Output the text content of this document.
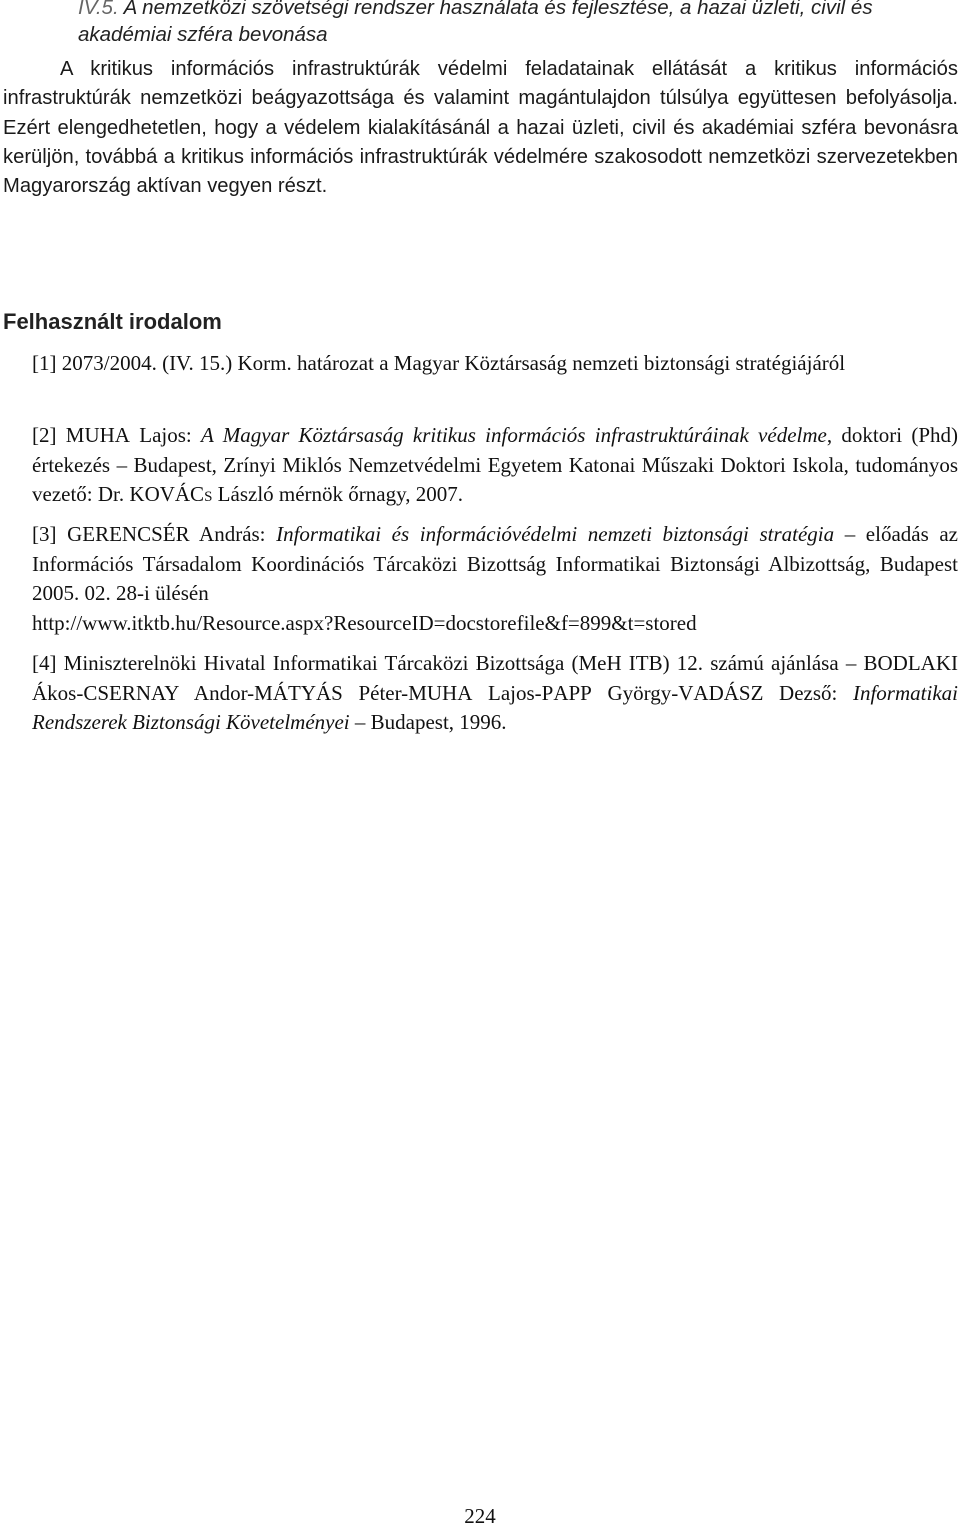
IV.5. A nemzetközi szövetségi rendszer használata és fejlesztése, a hazai üzleti, civil és akadémiai szféra bevonása
A kritikus információs infrastruktúrák védelmi feladatainak ellátását a kritikus információs infrastruktúrák nemzetközi beágyazottsága és valamint magántulajdon túlsúlya együttesen befolyásolja. Ezért elengedhetetlen, hogy a védelem kialakításánál a hazai üzleti, civil és akadémiai szféra bevonásra kerüljön, továbbá a kritikus információs infrastruktúrák védelmére szakosodott nemzetközi szervezetekben Magyarország aktívan vegyen részt.
Felhasznált irodalom

[1] 2073/2004. (IV. 15.) Korm. határozat a Magyar Köztársaság nemzeti biztonsági stratégiájáról

[2] MUHA Lajos: A Magyar Köztársaság kritikus információs infrastruktúráinak védelme, doktori (Phd) értekezés – Budapest, Zrínyi Miklós Nemzetvédelmi Egyetem Katonai Műszaki Doktori Iskola, tudományos vezető: Dr. KOVÁCs László mérnök őrnagy, 2007.

[3] GERENCSÉR András: Informatikai és információvédelmi nemzeti biztonsági stratégia – előadás az Információs Társadalom Koordinációs Tárcaközi Bizottság Informatikai Biztonsági Albizottság, Budapest 2005. 02. 28-i ülésén
http://www.itktb.hu/Resource.aspx?ResourceID=docstorefile&f=899&t=stored

[4] Miniszterelnöki Hivatal Informatikai Tárcaközi Bizottsága (MeH ITB) 12. számú ajánlása – BODLAKI Ákos-CSERNAY Andor-MÁTYÁS Péter-MUHA Lajos-PAPP György-VADÁSZ Dezső: Informatikai Rendszerek Biztonsági Követelményei – Budapest, 1996.

224
